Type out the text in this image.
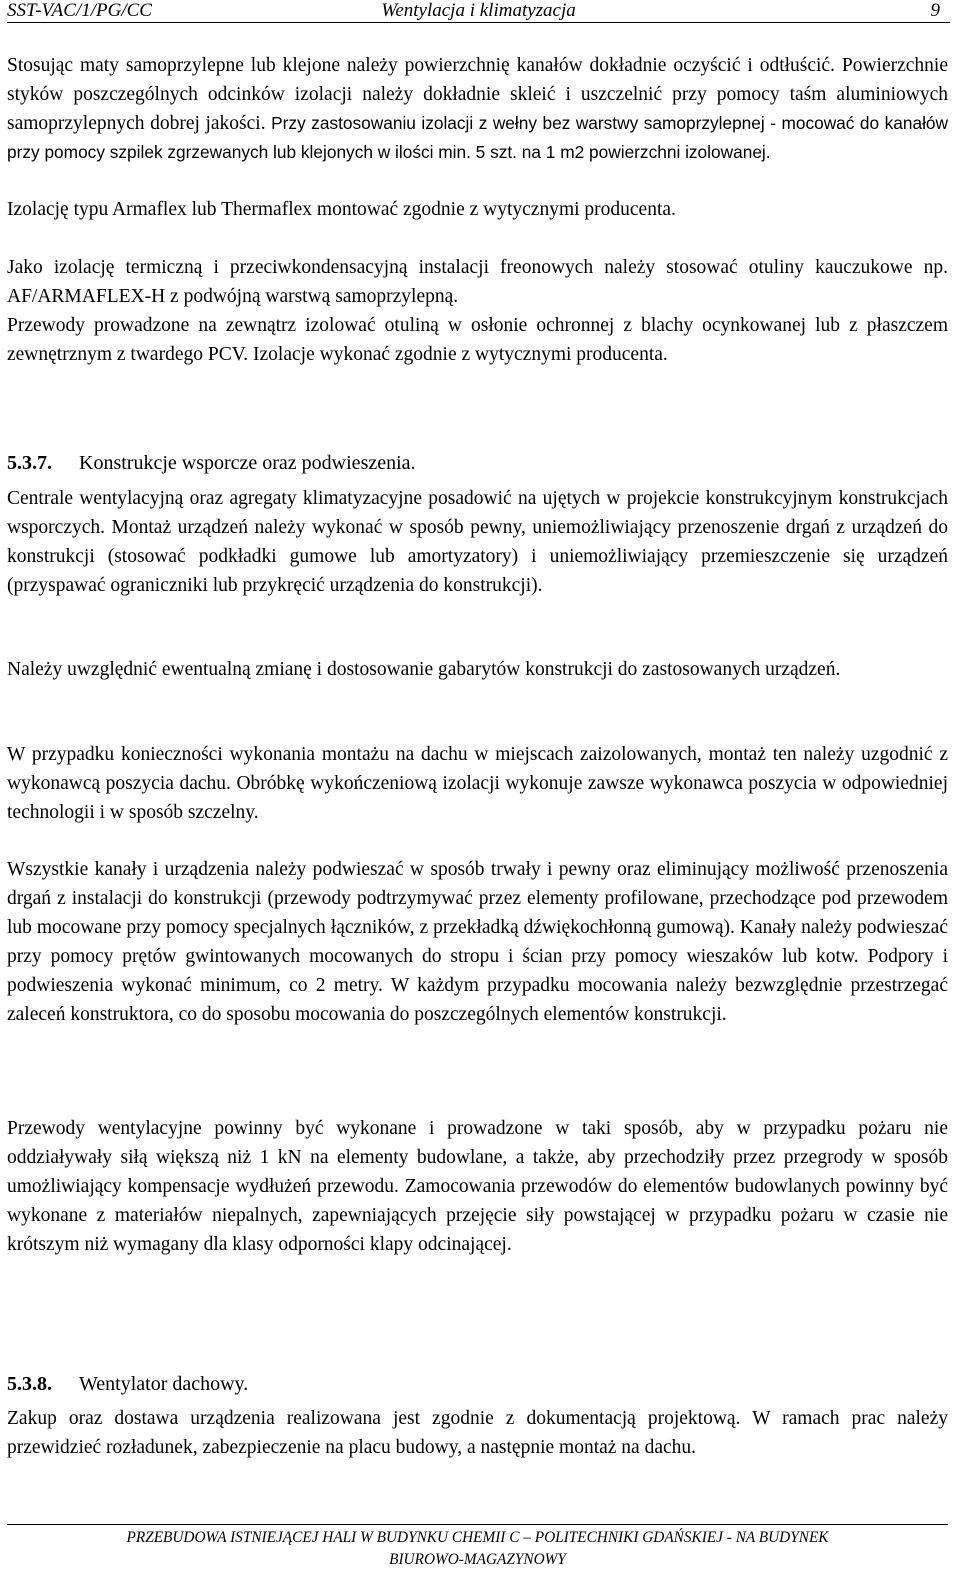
SST-VAC/1/PG/CC	Wentylacja i klimatyzacja	9

Stosując maty samoprzylepne lub klejone należy powierzchnię kanałów dokładnie oczyścić i odtłuścić. Powierzchnie styków poszczególnych odcinków izolacji należy dokładnie skleić i uszczelnić przy pomocy taśm aluminiowych samoprzylepnych dobrej jakości. Przy zastosowaniu izolacji z wełny bez warstwy samoprzylepnej - mocować do kanałów przy pomocy szpilek zgrzewanych lub klejonych w ilości min. 5 szt. na 1 m2 powierzchni izolowanej.

Izolację typu Armaflex lub Thermaflex montować zgodnie z wytycznymi producenta.

Jako izolację termiczną i przeciwkondensacyjną instalacji freonowych należy stosować otuliny kauczukowe np. AF/ARMAFLEX-H z podwójną warstwą samoprzylepną.

Przewody prowadzone na zewnątrz izolować otuliną w osłonie ochronnej z blachy ocynkowanej lub z płaszczem zewnętrznym z twardego PCV. Izolacje wykonać zgodnie z wytycznymi producenta.

5.3.7. Konstrukcje wsporcze oraz podwieszenia.

Centrale wentylacyjną oraz agregaty klimatyzacyjne posadowić na ujętych w projekcie konstrukcyjnym konstrukcjach wsporczych. Montaż urządzeń należy wykonać w sposób pewny, uniemożliwiający przenoszenie drgań z urządzeń do konstrukcji (stosować podkładki gumowe lub amortyzatory) i uniemożliwiający przemieszczenie się urządzeń (przyspawać ograniczniki lub przykręcić urządzenia do konstrukcji).

Należy uwzględnić ewentualną zmianę i dostosowanie gabarytów konstrukcji do zastosowanych urządzeń.

W przypadku konieczności wykonania montażu na dachu w miejscach zaizolowanych, montaż ten należy uzgodnić z wykonawcą poszycia dachu. Obróbkę wykończeniową izolacji wykonuje zawsze wykonawca poszycia w odpowiedniej technologii i w sposób szczelny.

Wszystkie kanały i urządzenia należy podwieszać w sposób trwały i pewny oraz eliminujący możliwość przenoszenia drgań z instalacji do konstrukcji (przewody podtrzymywać przez elementy profilowane, przechodzące pod przewodem lub mocowane przy pomocy specjalnych łączników, z przekładką dźwiękochłonną gumową). Kanały należy podwieszać przy pomocy prętów gwintowanych mocowanych do stropu i ścian przy pomocy wieszaków lub kotw. Podpory i podwieszenia wykonać minimum, co 2 metry. W każdym przypadku mocowania należy bezwzględnie przestrzegać zaleceń konstruktora, co do sposobu mocowania do poszczególnych elementów konstrukcji.

Przewody wentylacyjne powinny być wykonane i prowadzone w taki sposób, aby w przypadku pożaru nie oddziaływały siłą większą niż 1 kN na elementy budowlane, a także, aby przechodziły przez przegrody w sposób umożliwiający kompensacje wydłużeń przewodu. Zamocowania przewodów do elementów budowlanych powinny być wykonane z materiałów niepalnych, zapewniających przejęcie siły powstającej w przypadku pożaru w czasie nie krótszym niż wymagany dla klasy odporności klapy odcinającej.

5.3.8. Wentylator dachowy.

Zakup oraz dostawa urządzenia realizowana jest zgodnie z dokumentacją projektową. W ramach prac należy przewidzieć rozładunek, zabezpieczenie na placu budowy, a następnie montaż na dachu.

PRZEBUDOWA ISTNIEJĄCEJ HALI W BUDYNKU CHEMII C – POLITECHNIKI GDAŃSKIEJ - NA BUDYNEK
BIUROWO-MAGAZYNOWY
